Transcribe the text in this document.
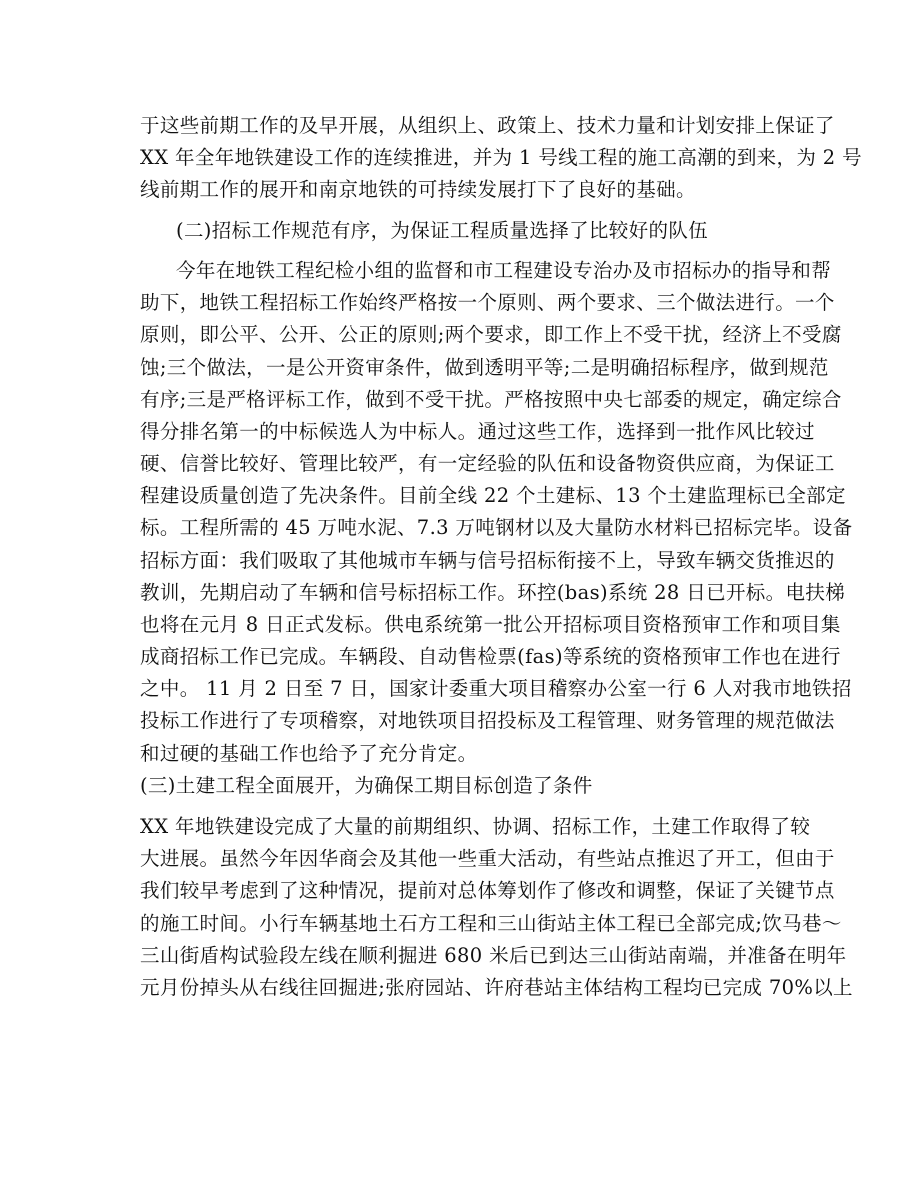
于这些前期工作的及早开展，从组织上、政策上、技术力量和计划安排上保证了
XX 年全年地铁建设工作的连续推进，并为 1 号线工程的施工高潮的到来，为 2 号
线前期工作的展开和南京地铁的可持续发展打下了良好的基础。
(二)招标工作规范有序，为保证工程质量选择了比较好的队伍
今年在地铁工程纪检小组的监督和市工程建设专治办及市招标办的指导和帮
助下，地铁工程招标工作始终严格按一个原则、两个要求、三个做法进行。一个
原则，即公平、公开、公正的原则;两个要求，即工作上不受干扰，经济上不受腐
蚀;三个做法，一是公开资审条件，做到透明平等;二是明确招标程序，做到规范
有序;三是严格评标工作，做到不受干扰。严格按照中央七部委的规定，确定综合
得分排名第一的中标候选人为中标人。通过这些工作，选择到一批作风比较过
硬、信誉比较好、管理比较严，有一定经验的队伍和设备物资供应商，为保证工
程建设质量创造了先决条件。目前全线 22 个土建标、13 个土建监理标已全部定
标。工程所需的 45 万吨水泥、7.3 万吨钢材以及大量防水材料已招标完毕。设备
招标方面：我们吸取了其他城市车辆与信号招标衔接不上，导致车辆交货推迟的
教训，先期启动了车辆和信号标招标工作。环控(bas)系统 28 日已开标。电扶梯
也将在元月 8 日正式发标。供电系统第一批公开招标项目资格预审工作和项目集
成商招标工作已完成。车辆段、自动售检票(fas)等系统的资格预审工作也在进行
之中。 11 月 2 日至 7 日，国家计委重大项目稽察办公室一行 6 人对我市地铁招
投标工作进行了专项稽察，对地铁项目招投标及工程管理、财务管理的规范做法
和过硬的基础工作也给予了充分肯定。
(三)土建工程全面展开，为确保工期目标创造了条件
XX 年地铁建设完成了大量的前期组织、协调、招标工作，土建工作取得了较
大进展。虽然今年因华商会及其他一些重大活动，有些站点推迟了开工，但由于
我们较早考虑到了这种情况，提前对总体筹划作了修改和调整，保证了关键节点
的施工时间。小行车辆基地土石方工程和三山街站主体工程已全部完成;饮马巷～
三山街盾构试验段左线在顺利掘进 680 米后已到达三山街站南端，并准备在明年
元月份掉头从右线往回掘进;张府园站、许府巷站主体结构工程均已完成 70%以上
